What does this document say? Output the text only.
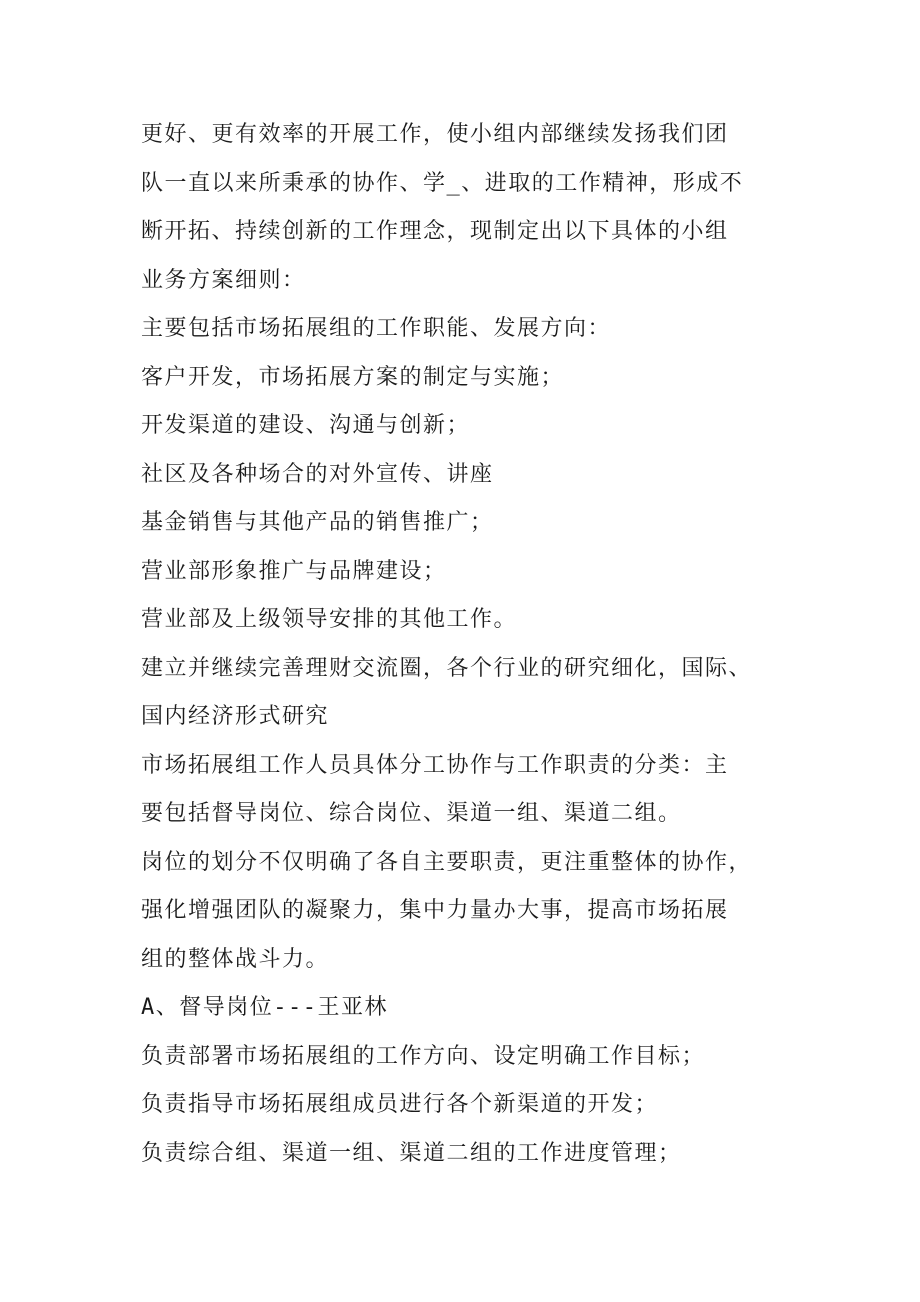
更好、更有效率的开展工作，使小组内部继续发扬我们团
队一直以来所秉承的协作、学_、进取的工作精神，形成不
断开拓、持续创新的工作理念，现制定出以下具体的小组
业务方案细则：
主要包括市场拓展组的工作职能、发展方向：
客户开发，市场拓展方案的制定与实施；
开发渠道的建设、沟通与创新；
社区及各种场合的对外宣传、讲座
基金销售与其他产品的销售推广；
营业部形象推广与品牌建设；
营业部及上级领导安排的其他工作。
建立并继续完善理财交流圈，各个行业的研究细化，国际、
国内经济形式研究
市场拓展组工作人员具体分工协作与工作职责的分类：主
要包括督导岗位、综合岗位、渠道一组、渠道二组。
岗位的划分不仅明确了各自主要职责，更注重整体的协作，
强化增强团队的凝聚力，集中力量办大事，提高市场拓展
组的整体战斗力。
A、督导岗位---王亚林
负责部署市场拓展组的工作方向、设定明确工作目标；
负责指导市场拓展组成员进行各个新渠道的开发；
负责综合组、渠道一组、渠道二组的工作进度管理；
